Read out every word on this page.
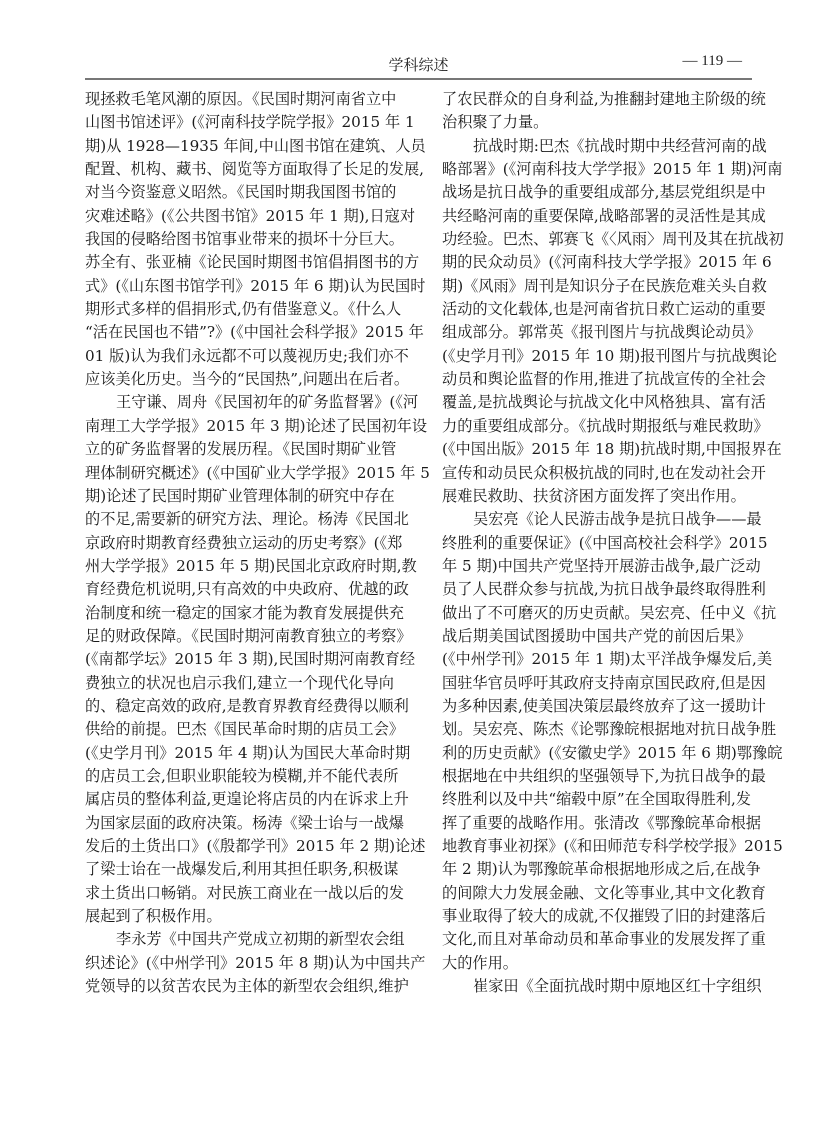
学科综述	— 119 —
现拯救毛笔风潮的原因。《民国时期河南省立中
山图书馆述评》(《河南科技学院学报》2015 年 1
期)从 1928—1935 年间,中山图书馆在建筑、人员
配置、机构、藏书、阅览等方面取得了长足的发展,
对当今资鉴意义昭然。《民国时期我国图书馆的
灾难述略》(《公共图书馆》2015 年 1 期),日寇对
我国的侵略给图书馆事业带来的损坏十分巨大。
苏全有、张亚楠《论民国时期图书馆倡捐图书的方
式》(《山东图书馆学刊》2015 年 6 期)认为民国时
期形式多样的倡捐形式,仍有借鉴意义。《什么人
“活在民国也不错”?》(《中国社会科学报》2015 年
01 版)认为我们永远都不可以蔑视历史;我们亦不
应该美化历史。当今的“民国热”,问题出在后者。
王守谦、周舟《民国初年的矿务监督署》(《河
南理工大学学报》2015 年 3 期)论述了民国初年设
立的矿务监督署的发展历程。《民国时期矿业管
理体制研究概述》(《中国矿业大学学报》2015 年 5
期)论述了民国时期矿业管理体制的研究中存在
的不足,需要新的研究方法、理论。杨涛《民国北
京政府时期教育经费独立运动的历史考察》(《郑
州大学学报》2015 年 5 期)民国北京政府时期,教
育经费危机说明,只有高效的中央政府、优越的政
治制度和统一稳定的国家才能为教育发展提供充
足的财政保障。《民国时期河南教育独立的考察》
(《南都学坛》2015 年 3 期),民国时期河南教育经
费独立的状况也启示我们,建立一个现代化导向
的、稳定高效的政府,是教育界教育经费得以顺利
供给的前提。巴杰《国民革命时期的店员工会》
(《史学月刊》2015 年 4 期)认为国民大革命时期
的店员工会,但职业职能较为模糊,并不能代表所
属店员的整体利益,更遑论将店员的内在诉求上升
为国家层面的政府决策。杨涛《梁士诒与一战爆
发后的土货出口》(《殷都学刊》2015 年 2 期)论述
了梁士诒在一战爆发后,利用其担任职务,积极谋
求土货出口畅销。对民族工商业在一战以后的发
展起到了积极作用。
李永芳《中国共产党成立初期的新型农会组
织述论》(《中州学刊》2015 年 8 期)认为中国共产
党领导的以贫苦农民为主体的新型农会组织,维护
了农民群众的自身利益,为推翻封建地主阶级的统
治积聚了力量。
抗战时期:巴杰《抗战时期中共经营河南的战
略部署》(《河南科技大学学报》2015 年 1 期)河南
战场是抗日战争的重要组成部分,基层党组织是中
共经略河南的重要保障,战略部署的灵活性是其成
功经验。巴杰、郭赛飞《〈风雨〉周刊及其在抗战初
期的民众动员》(《河南科技大学学报》2015 年 6
期)《风雨》周刊是知识分子在民族危难关头自救
活动的文化载体,也是河南省抗日救亡运动的重要
组成部分。郭常英《报刊图片与抗战舆论动员》
(《史学月刊》2015 年 10 期)报刊图片与抗战舆论
动员和舆论监督的作用,推进了抗战宣传的全社会
覆盖,是抗战舆论与抗战文化中风格独具、富有活
力的重要组成部分。《抗战时期报纸与难民救助》
(《中国出版》2015 年 18 期)抗战时期,中国报界在
宣传和动员民众积极抗战的同时,也在发动社会开
展难民救助、扶贫济困方面发挥了突出作用。
吴宏亮《论人民游击战争是抗日战争——最
终胜利的重要保证》(《中国高校社会科学》2015
年 5 期)中国共产党坚持开展游击战争,最广泛动
员了人民群众参与抗战,为抗日战争最终取得胜利
做出了不可磨灭的历史贡献。吴宏亮、任中义《抗
战后期美国试图援助中国共产党的前因后果》
(《中州学刊》2015 年 1 期)太平洋战争爆发后,美
国驻华官员呼吁其政府支持南京国民政府,但是因
为多种因素,使美国决策层最终放弃了这一援助计
划。吴宏亮、陈杰《论鄂豫皖根据地对抗日战争胜
利的历史贡献》(《安徽史学》2015 年 6 期)鄂豫皖
根据地在中共组织的坚强领导下,为抗日战争的最
终胜利以及中共“缩毂中原”在全国取得胜利,发
挥了重要的战略作用。张清改《鄂豫皖革命根据
地教育事业初探》(《和田师范专科学校学报》2015
年 2 期)认为鄂豫皖革命根据地形成之后,在战争
的间隙大力发展金融、文化等事业,其中文化教育
事业取得了较大的成就,不仅摧毁了旧的封建落后
文化,而且对革命动员和革命事业的发展发挥了重
大的作用。
崔家田《全面抗战时期中原地区红十字组织
